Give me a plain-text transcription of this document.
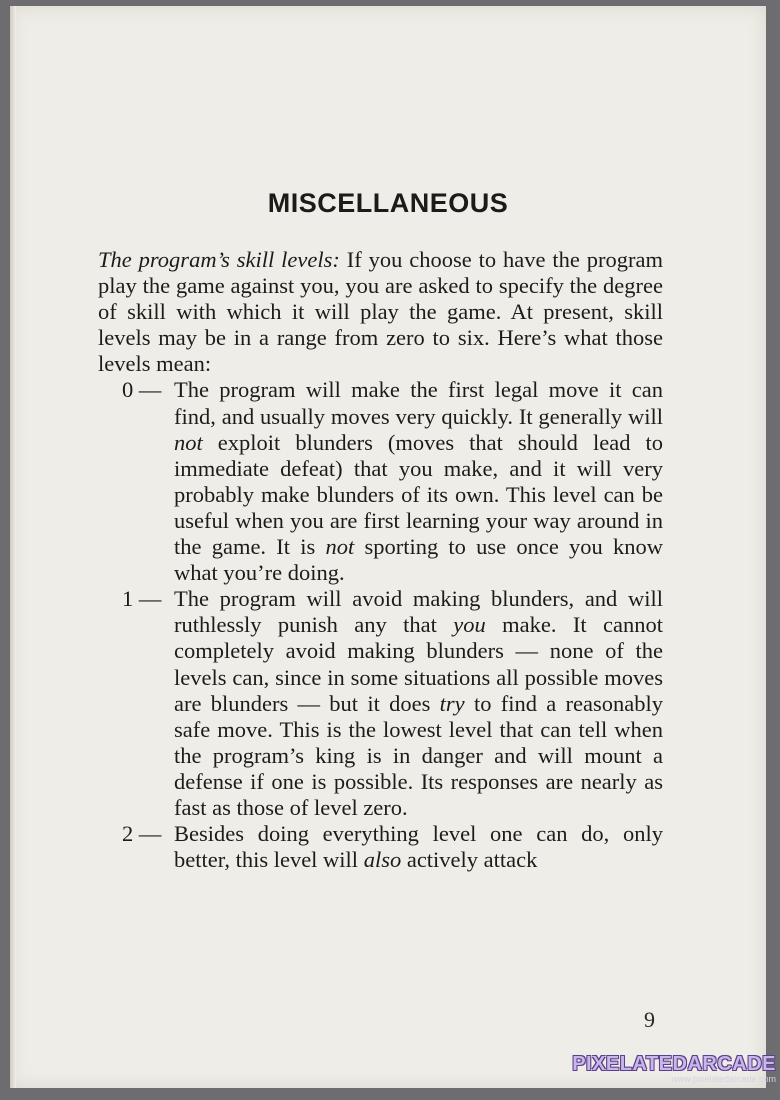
MISCELLANEOUS

The program’s skill levels: If you choose to have the program play the game against you, you are asked to specify the degree of skill with which it will play the game. At present, skill levels may be in a range from zero to six. Here’s what those levels mean:

0 — The program will make the first legal move it can find, and usually moves very quickly. It generally will not exploit blunders (moves that should lead to immediate defeat) that you make, and it will very probably make blunders of its own. This level can be useful when you are first learning your way around in the game. It is not sporting to use once you know what you’re doing.

1 — The program will avoid making blunders, and will ruthlessly punish any that you make. It cannot completely avoid making blunders — none of the levels can, since in some situations all possible moves are blunders — but it does try to find a reasonably safe move. This is the lowest level that can tell when the program’s king is in danger and will mount a defense if one is possible. Its responses are nearly as fast as those of level zero.

2 — Besides doing everything level one can do, only better, this level will also actively attack

9
PIXELATEDARCADE
www.pixelatedarcade.com
